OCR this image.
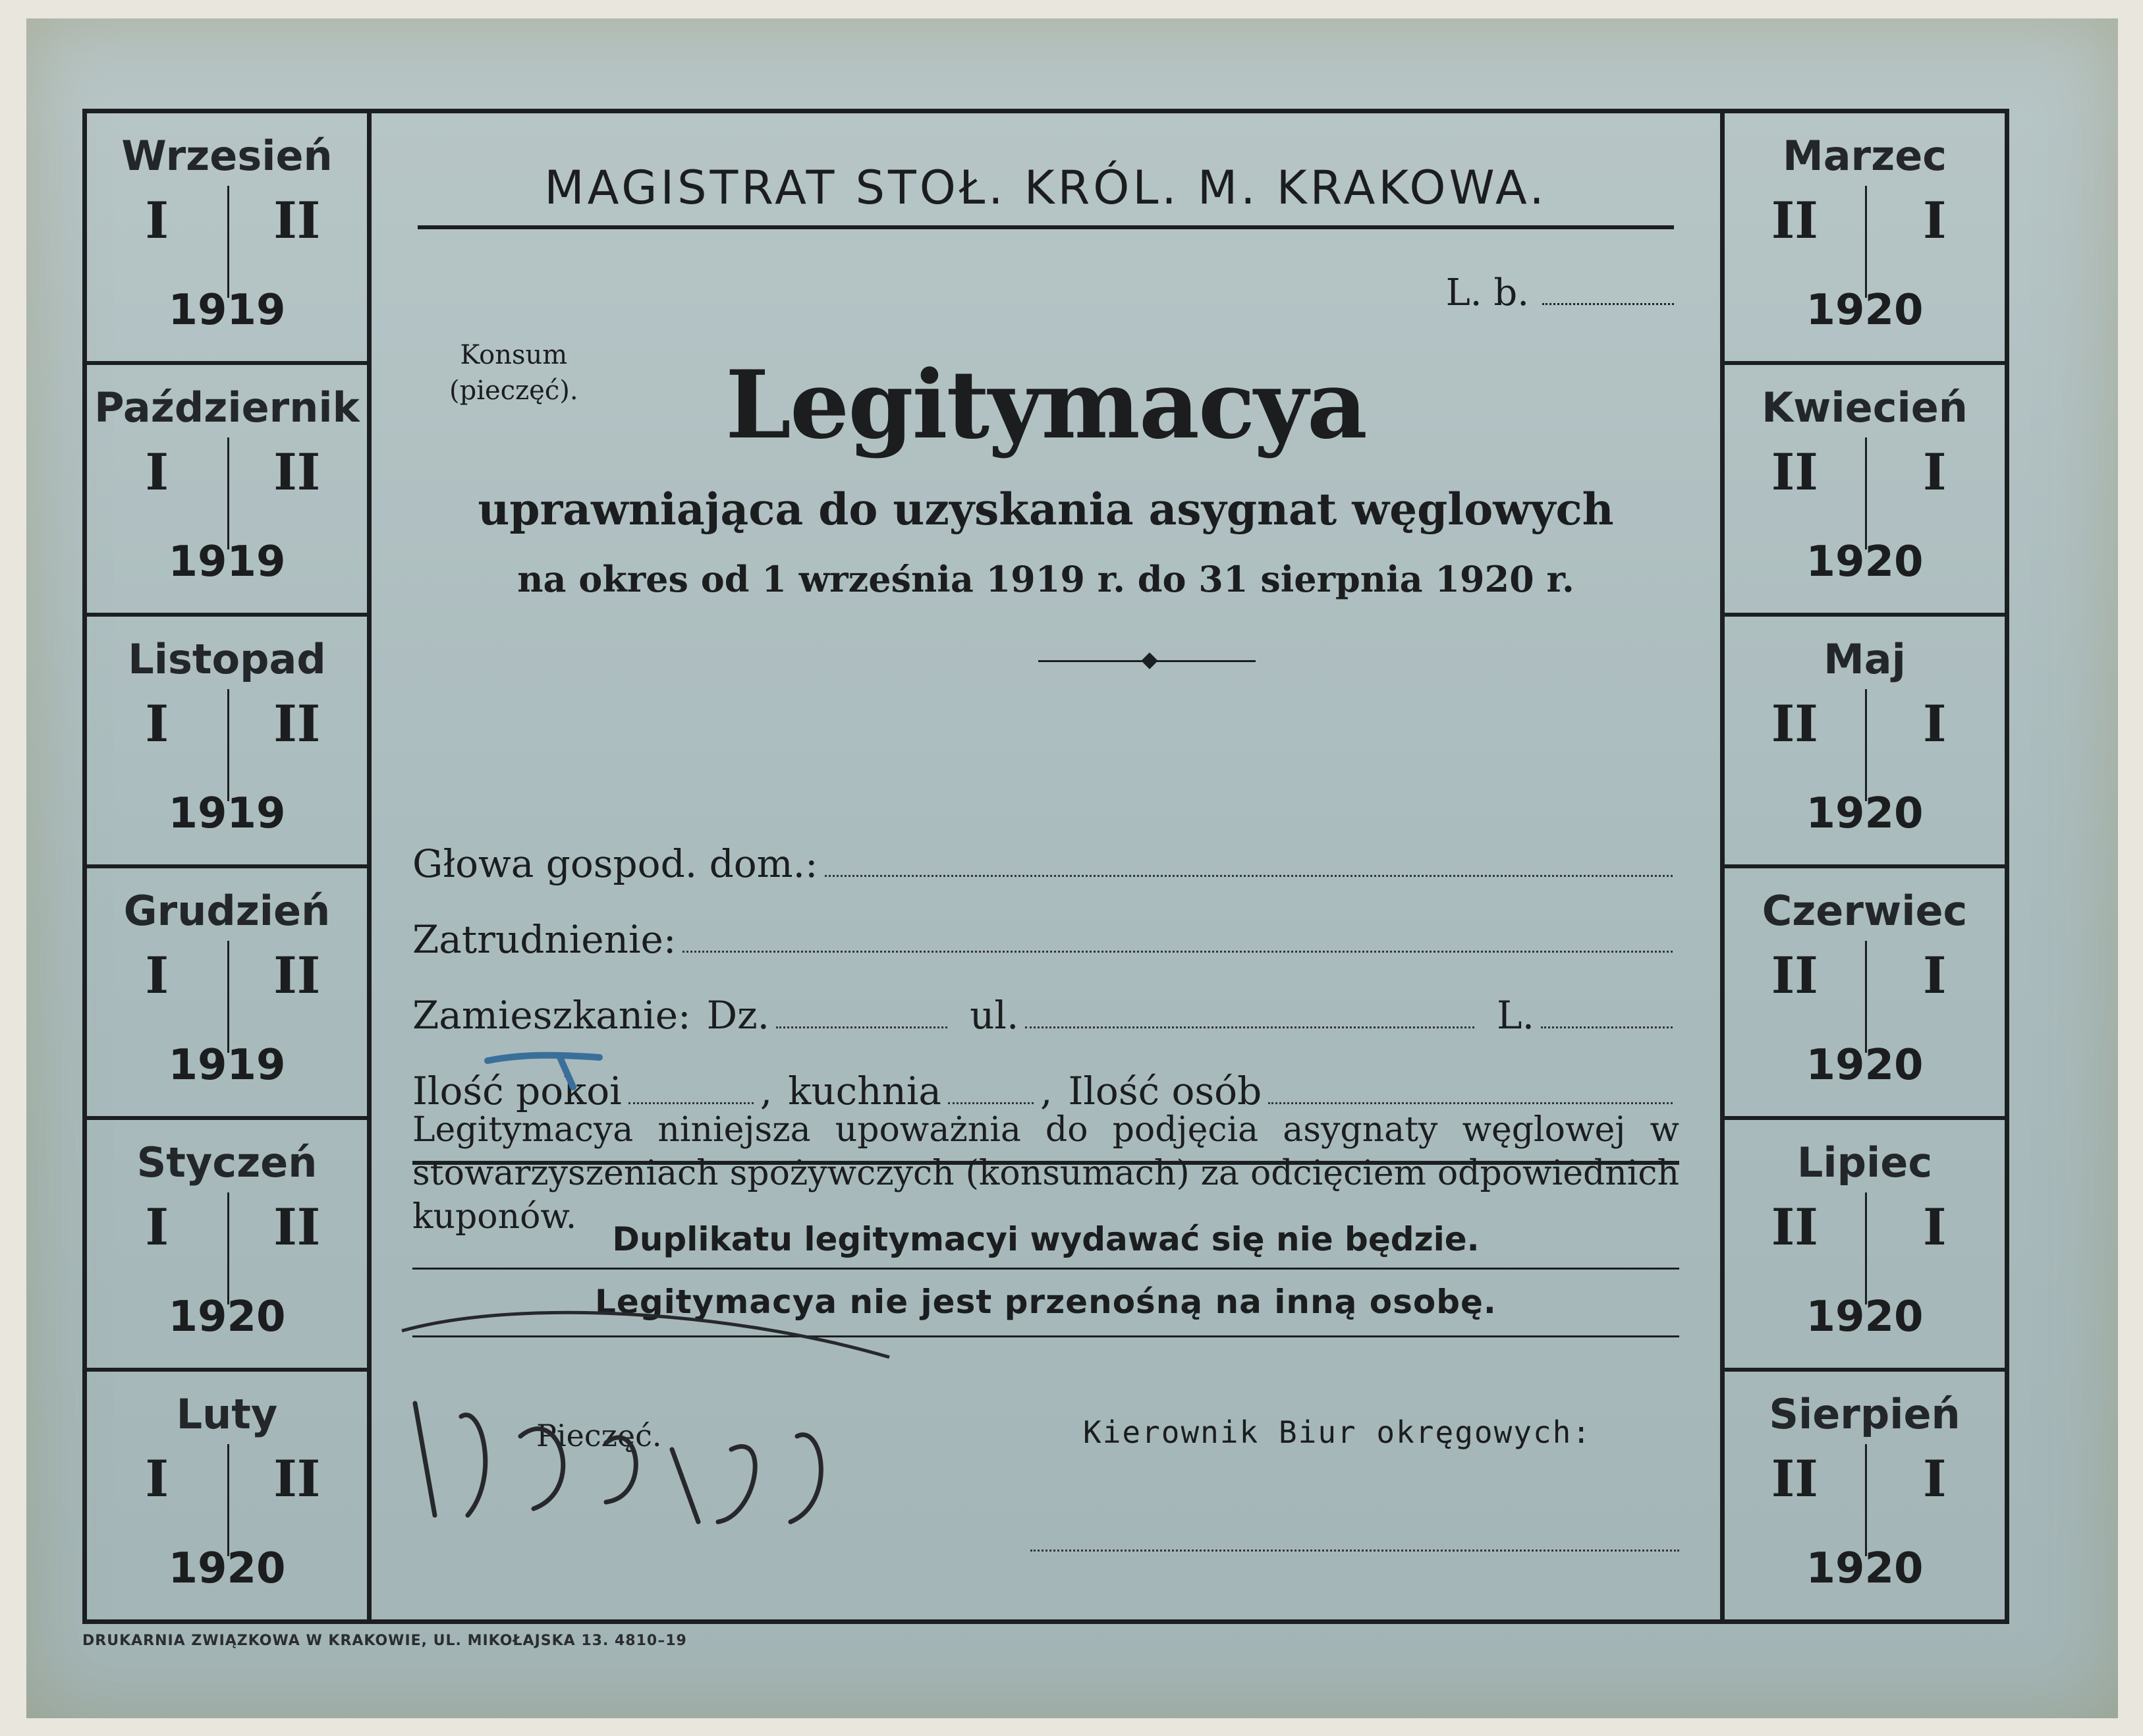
Wrzesień
I	II
1919
Październik
I	II
1919
Listopad
I	II
1919
Grudzień
I	II
1919
Styczeń
I	II
1920
Luty
I	II
1920
Marzec
II	I
1920
Kwiecień
II	I
1920
Maj
II	I
1920
Czerwiec
II	I
1920
Lipiec
II	I
1920
Sierpień
II	I
1920
MAGISTRAT STOŁ. KRÓL. M. KRAKOWA.
L. b.
Konsum
(pieczęć).	Legitymacya
uprawniająca do uzyskania asygnat węglowych
na okres od 1 września 1919 r. do 31 sierpnia 1920 r.
Głowa gospod. dom.:
Zatrudnienie:
Zamieszkanie: Dz.	ul.	L.
Ilość pokoi	, kuchnia	, Ilość osób
Legitymacya niniejsza upoważnia do podjęcia asygnaty węglowej w stowarzyszeniach spożywczych (konsumach) za odcięciem odpowiednich kuponów.
Duplikatu legitymacyi wydawać się nie będzie.
Legitymacya nie jest przenośną na inną osobę.
Pieczęć.	Kierownik Biur okręgowych:
DRUKARNIA ZWIĄZKOWA W KRAKOWIE, UL. MIKOŁAJSKA 13. 4810–19
